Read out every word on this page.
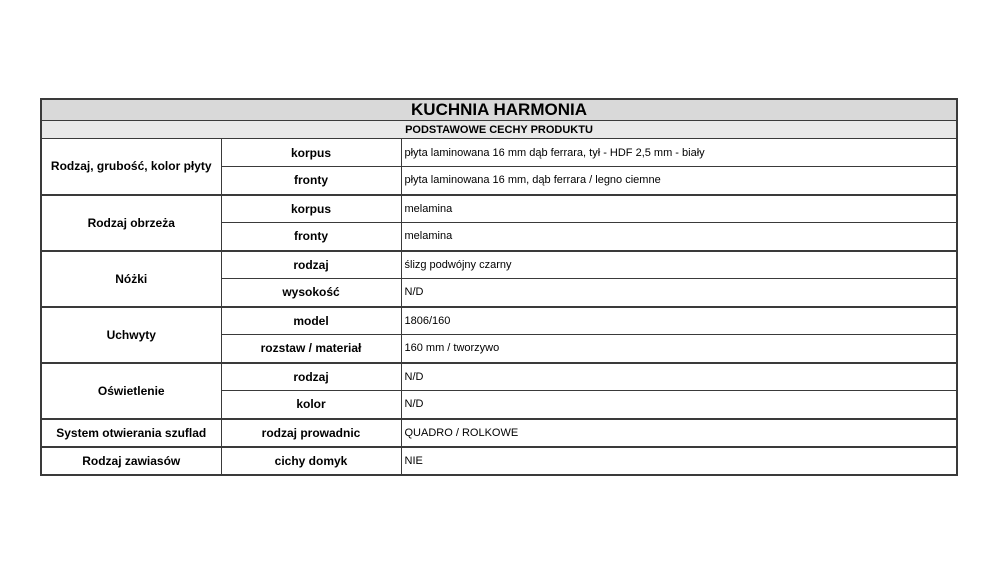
KUCHNIA HARMONIA		
PODSTAWOWE CECHY PRODUKTU		
Rodzaj, grubość, kolor płyty	korpus	płyta laminowana 16 mm dąb ferrara, tył - HDF 2,5 mm - biały
	fronty	płyta laminowana 16 mm, dąb ferrara / legno ciemne
Rodzaj obrzeża	korpus	melamina
	fronty	melamina
Nóżki	rodzaj	ślizg podwójny czarny
	wysokość	N/D
Uchwyty	model	1806/160
	rozstaw / materiał	160 mm / tworzywo
Oświetlenie	rodzaj	N/D
	kolor	N/D
System otwierania szuflad	rodzaj prowadnic	QUADRO / ROLKOWE
Rodzaj zawiasów	cichy domyk	NIE
